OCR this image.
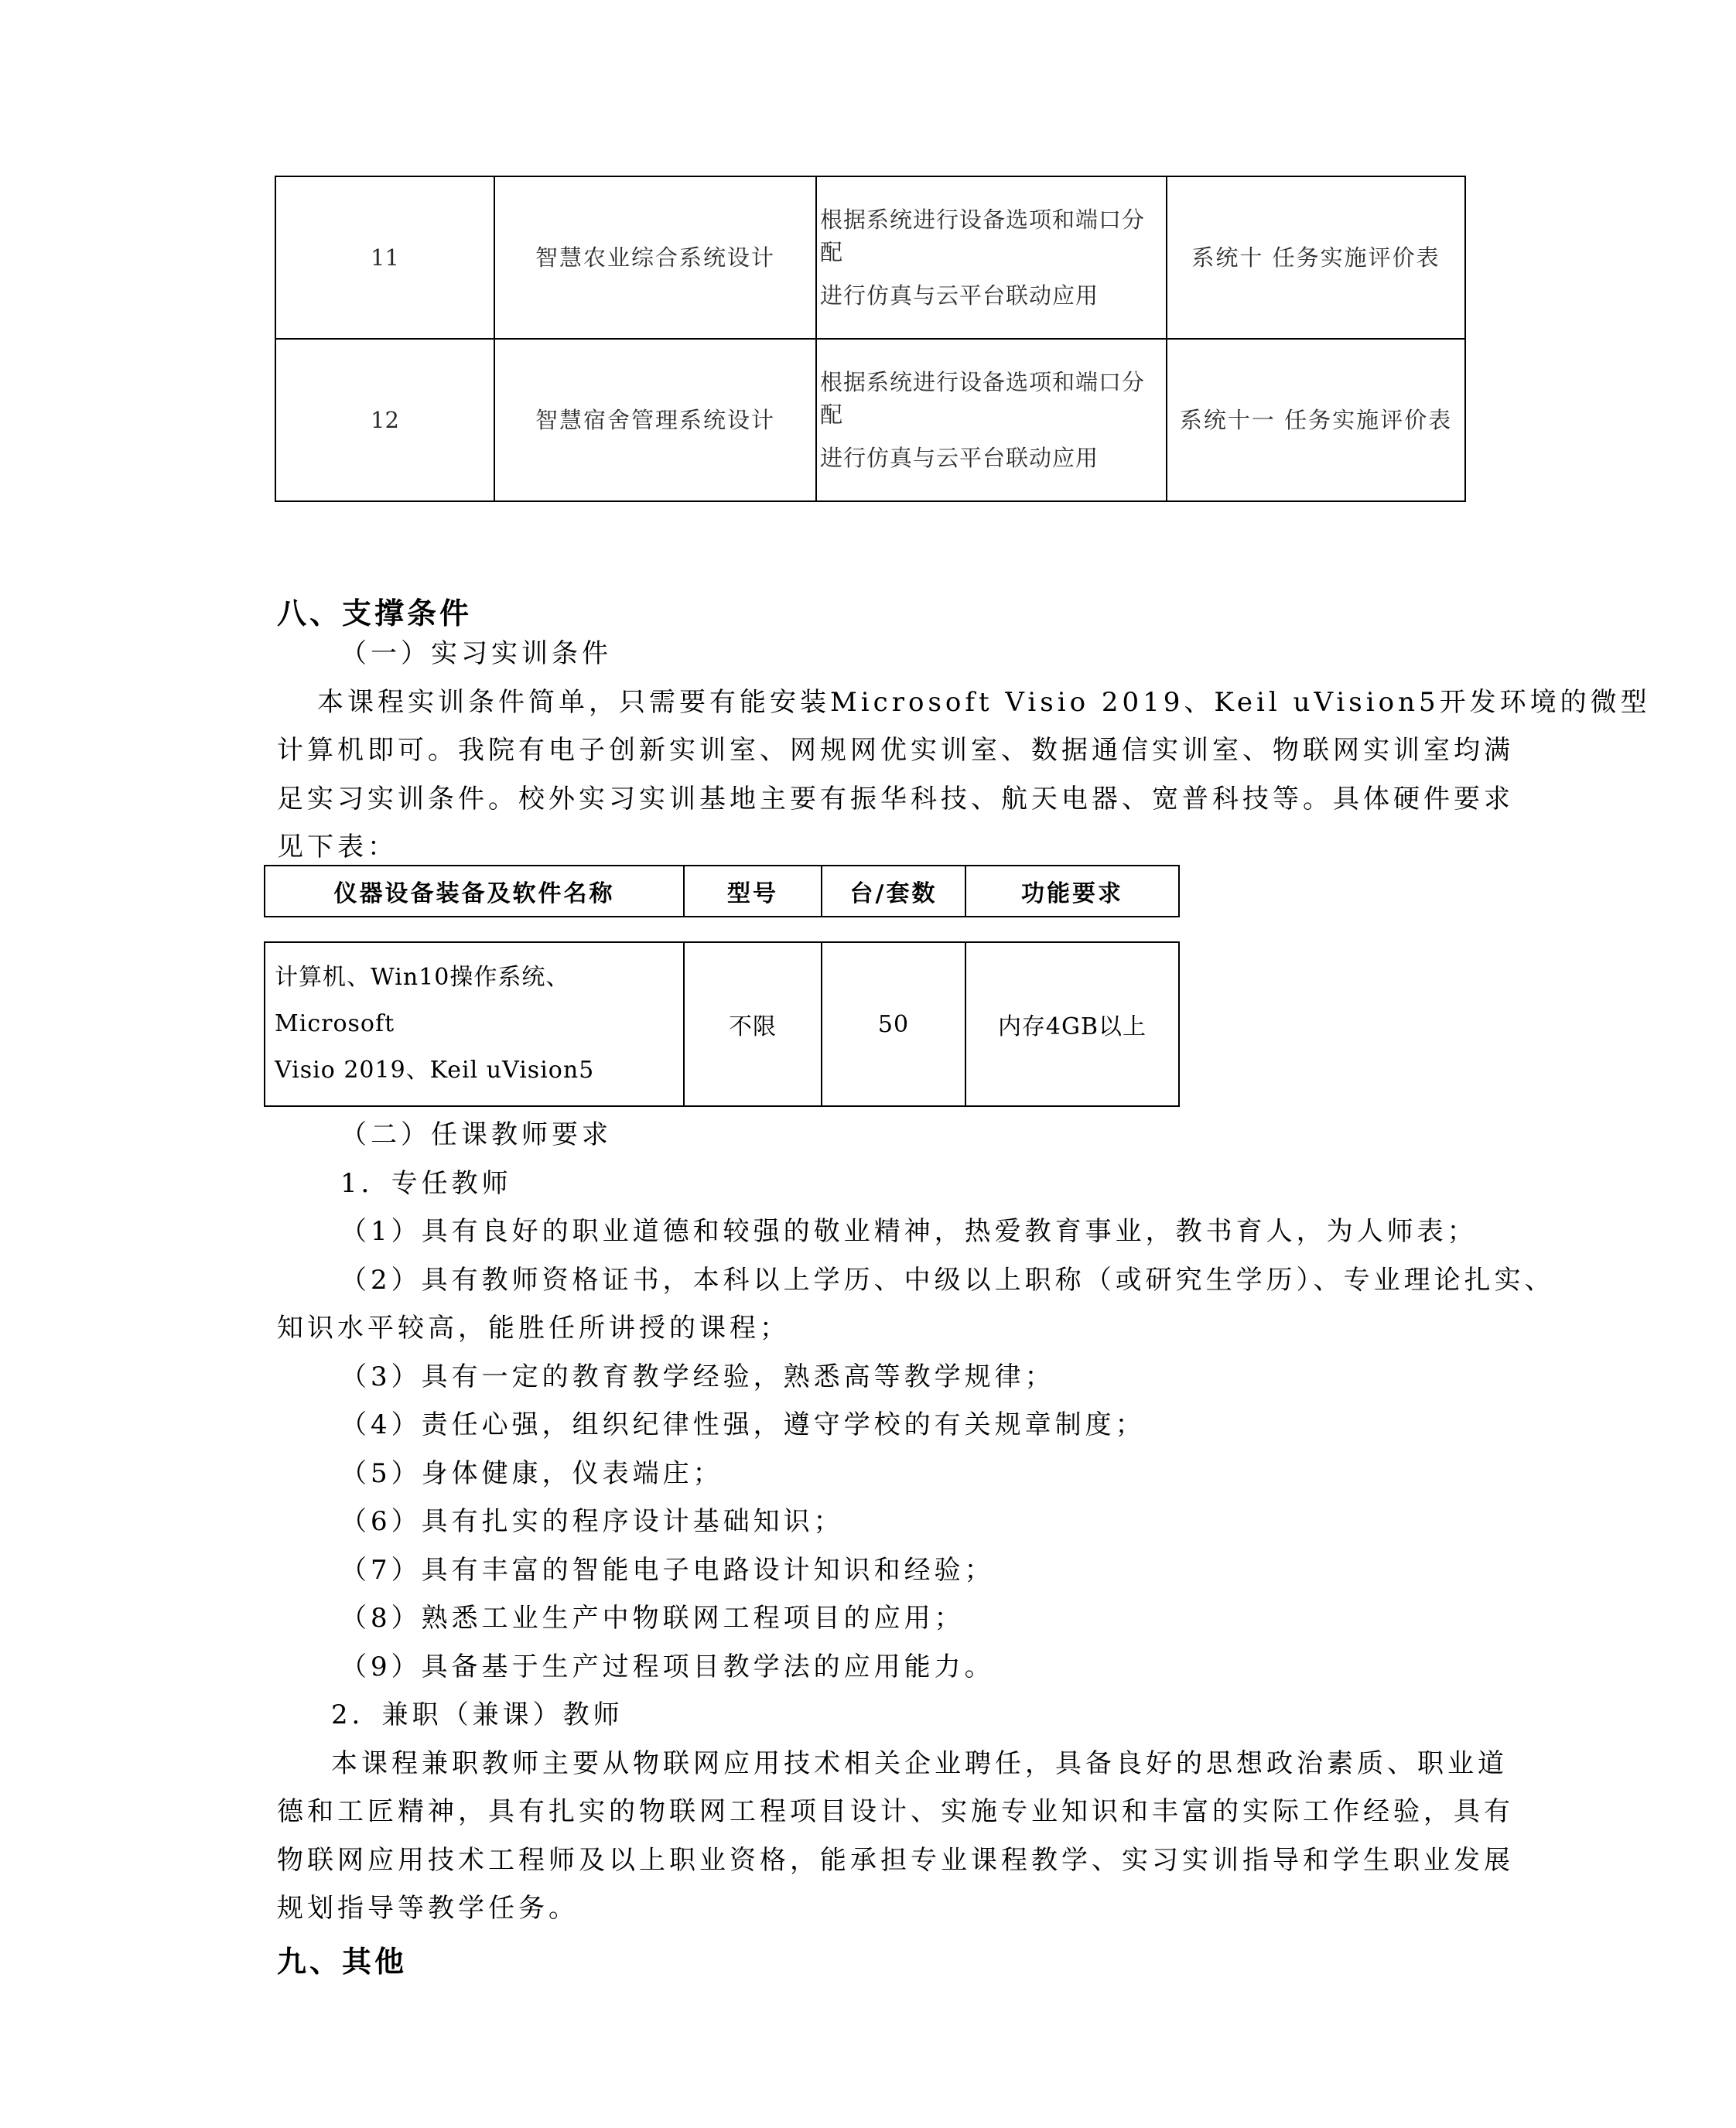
11	智慧农业综合系统设计	根据系统进行设备选项和端口分配

进行仿真与云平台联动应用	系统十 任务实施评价表
12	智慧宿舍管理系统设计	根据系统进行设备选项和端口分配

进行仿真与云平台联动应用	系统十一 任务实施评价表
八、支撑条件

（一）实习实训条件

本课程实训条件简单，只需要有能安装Microsoft Visio 2019、Keil uVision5开发环境的微型

计算机即可。我院有电子创新实训室、网规网优实训室、数据通信实训室、物联网实训室均满

足实习实训条件。校外实习实训基地主要有振华科技、航天电器、宽普科技等。具体硬件要求

见下表：

仪器设备装备及软件名称	型号	台/套数	功能要求
计算机、Win10操作系统、Microsoft
Visio 2019、Keil uVision5
	不限	50	内存4GB以上

（二）任课教师要求

1．专任教师

（1）具有良好的职业道德和较强的敬业精神，热爱教育事业，教书育人，为人师表；

（2）具有教师资格证书，本科以上学历、中级以上职称（或研究生学历）、专业理论扎实、

知识水平较高，能胜任所讲授的课程；

（3）具有一定的教育教学经验，熟悉高等教学规律；

（4）责任心强，组织纪律性强，遵守学校的有关规章制度；

（5）身体健康，仪表端庄；

（6）具有扎实的程序设计基础知识；

（7）具有丰富的智能电子电路设计知识和经验；

（8）熟悉工业生产中物联网工程项目的应用；

（9）具备基于生产过程项目教学法的应用能力。

2．兼职（兼课）教师

本课程兼职教师主要从物联网应用技术相关企业聘任，具备良好的思想政治素质、职业道

德和工匠精神，具有扎实的物联网工程项目设计、实施专业知识和丰富的实际工作经验，具有

物联网应用技术工程师及以上职业资格，能承担专业课程教学、实习实训指导和学生职业发展

规划指导等教学任务。

九、其他
